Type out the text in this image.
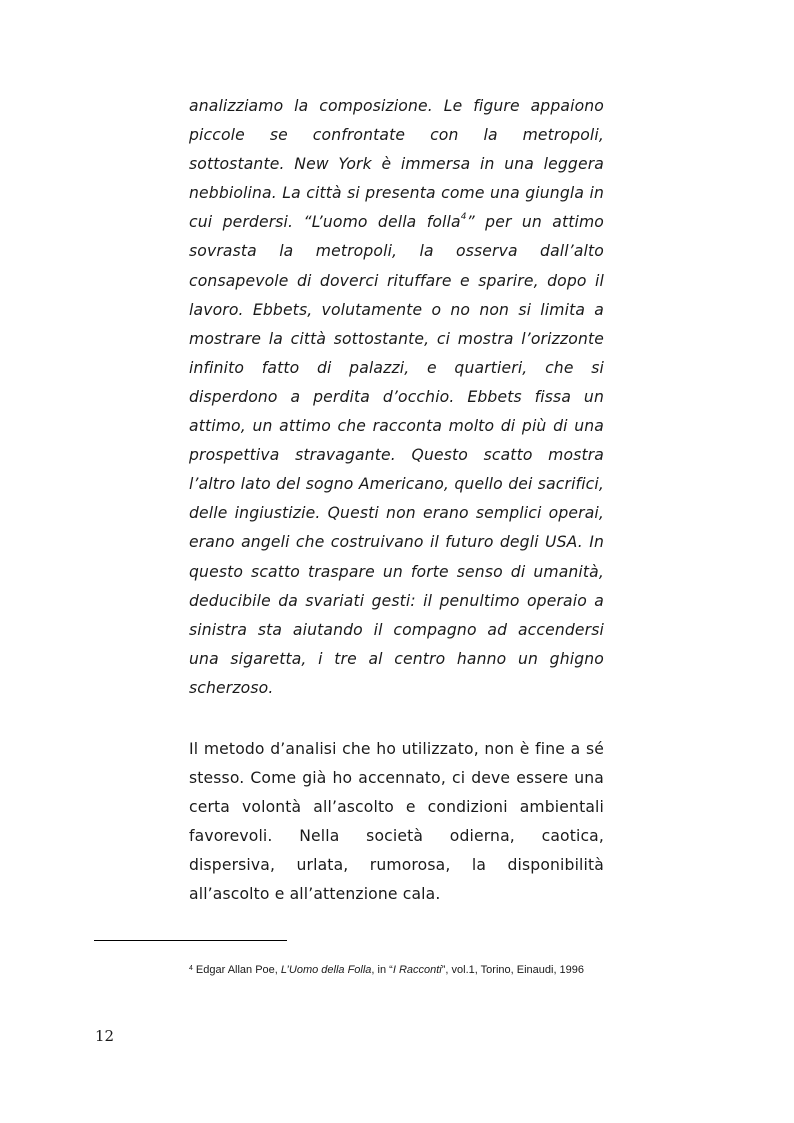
analizziamo la composizione. Le figure appaiono piccole se confrontate con la metropoli, sottostante. New York è immersa in una leggera nebbiolina. La città si presenta come una giungla in cui perdersi. “L’uomo della folla$^4$” per un attimo sovrasta la metropoli, la osserva dall’alto consapevole di doverci rituffare e sparire, dopo il lavoro. Ebbets, volutamente o no non si limita a mostrare la città sottostante, ci mostra l’orizzonte infinito fatto di palazzi, e quartieri, che si disperdono a perdita d’occhio. Ebbets fissa un attimo, un attimo che racconta molto di più di una prospettiva stravagante. Questo scatto mostra l’altro lato del sogno Americano, quello dei sacrifici, delle ingiustizie. Questi non erano semplici operai, erano angeli che costruivano il futuro degli USA. In questo scatto traspare un forte senso di umanità, deducibile da svariati gesti: il penultimo operaio a sinistra sta aiutando il compagno ad accendersi una sigaretta, i tre al centro hanno un ghigno scherzoso.

Il metodo d’analisi che ho utilizzato, non è fine a sé stesso. Come già ho accennato, ci deve essere una certa volontà all’ascolto e condizioni ambientali favorevoli. Nella società odierna, caotica, dispersiva, urlata, rumorosa, la disponibilità all’ascolto e all’attenzione cala.

$^4$ Edgar Allan Poe, L’Uomo della Folla, in “I Racconti”, vol.1, Torino, Einaudi, 1996

12
